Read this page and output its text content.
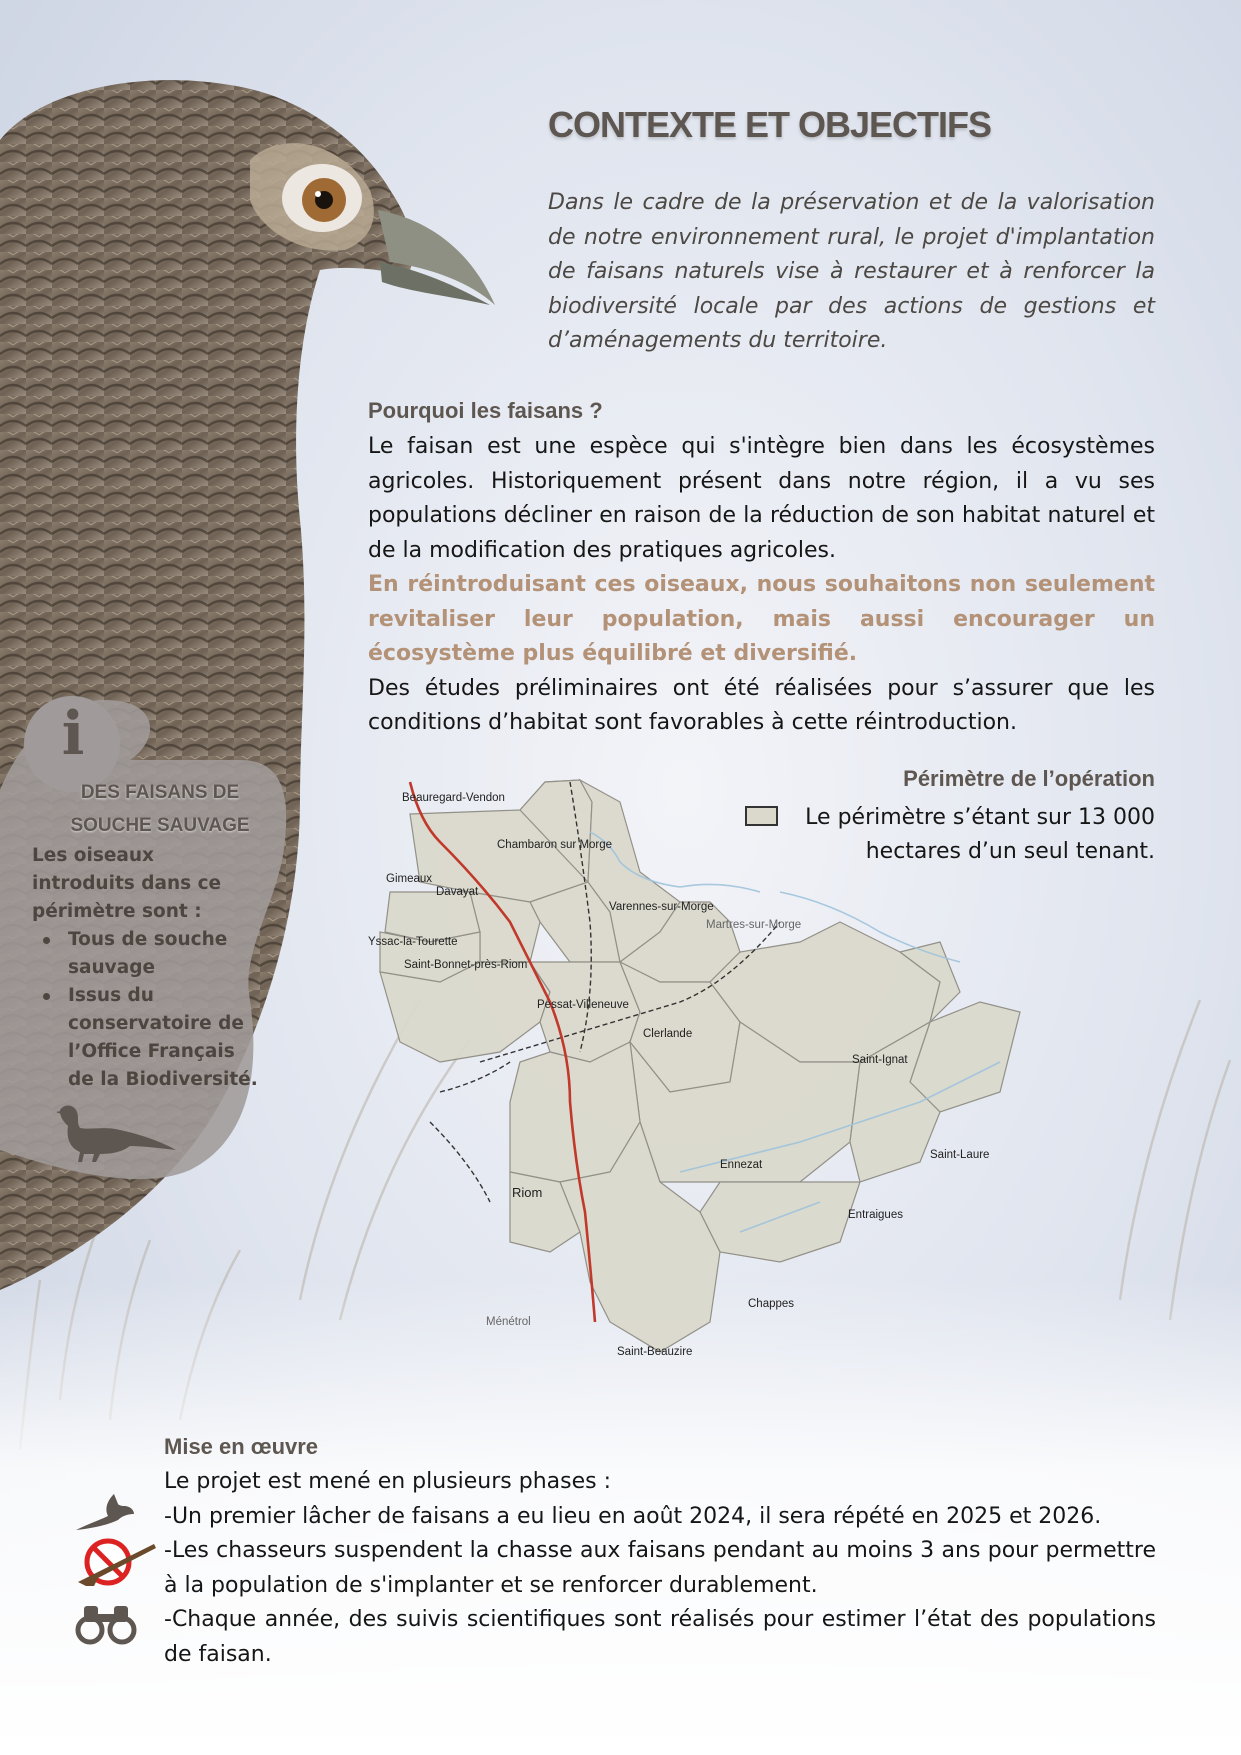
CONTEXTE ET OBJECTIFS
Dans le cadre de la préservation et de la valorisation de notre environnement rural, le projet d'implantation de faisans naturels vise à restaurer et à renforcer la biodiversité locale par des actions de gestions et d’aménagements du territoire.
Pourquoi les faisans ?

Le faisan est une espèce qui s'intègre bien dans les écosystèmes agricoles. Historiquement présent dans notre région, il a vu ses populations décliner en raison de la réduction de son habitat naturel et de la modification des pratiques agricoles.

En réintroduisant ces oiseaux, nous souhaitons non seulement revitaliser leur population, mais aussi encourager un écosystème plus équilibré et diversifié.

Des études préliminaires ont été réalisées pour s’assurer que les conditions d’habitat sont favorables à cette réintroduction.

Périmètre de l’opération
Le périmètre s’étant sur 13 000 hectares d’un seul tenant.
Beauregard-Vendon
Chambaron sur Morge
Gimeaux
Davayat
Varennes-sur-Morge
Martres-sur-Morge
Yssac-la-Tourette
Saint-Bonnet-près-Riom
Pessat-Villeneuve
Clerlande
Saint-Ignat
Saint-Laure
Ennezat
Riom
Entraigues
Chappes
Ménétrol
Saint-Beauzire
i
DES FAISANS DE
SOUCHE SAUVAGE
Les oiseaux introduits dans ce périmètre sont :
Tous de souche sauvage
Issus du conservatoire de l’Office Français de la Biodiversité.
Mise en œuvre

Le projet est mené en plusieurs phases :

-Un premier lâcher de faisans a eu lieu en août 2024, il sera répété en 2025 et 2026.

-Les chasseurs suspendent la chasse aux faisans pendant au moins 3 ans pour permettre à la population de s'implanter et se renforcer durablement.

-Chaque année, des suivis scientifiques sont réalisés pour estimer l’état des populations de faisan.
